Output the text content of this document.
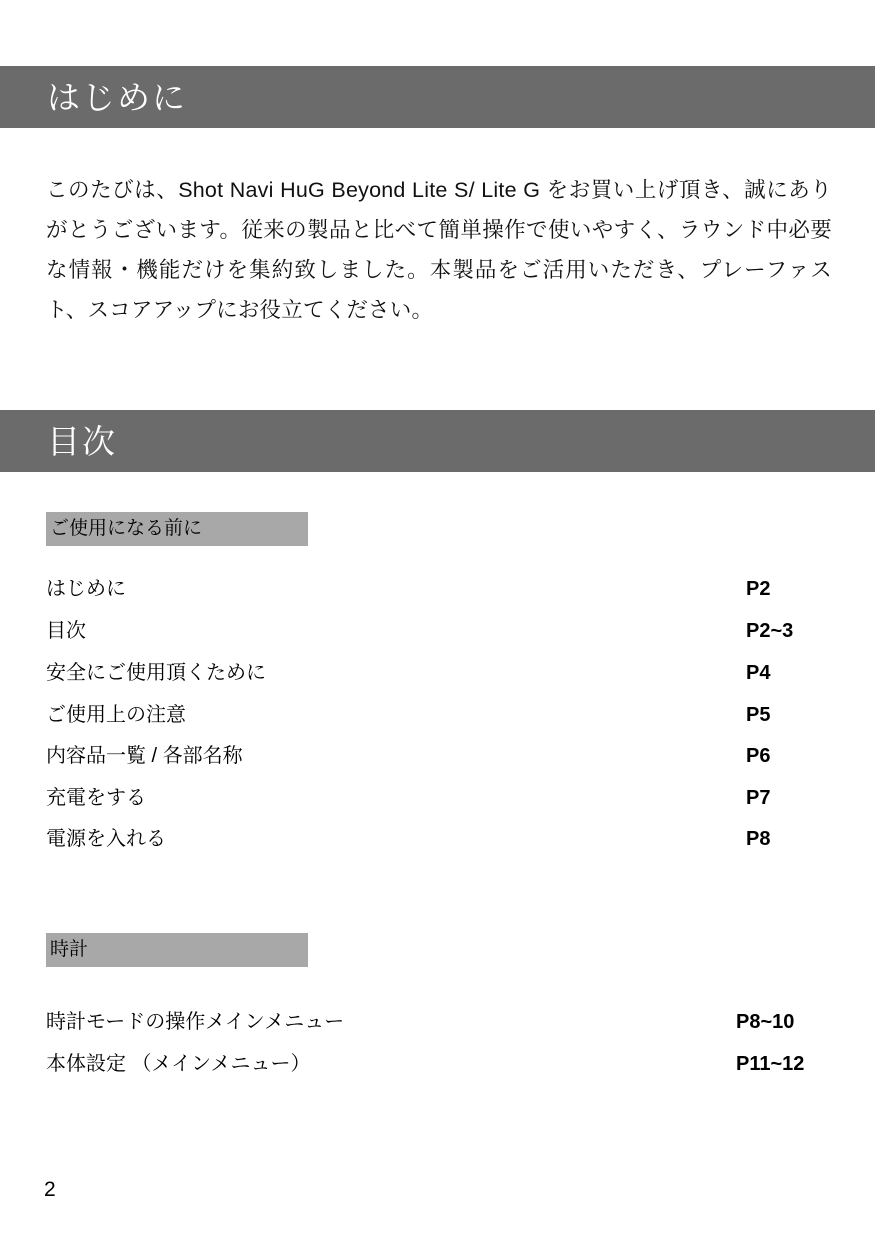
はじめに

このたびは、Shot Navi HuG Beyond Lite S/ Lite G をお買い上げ頂き、誠にありがとうございます。従来の製品と比べて簡単操作で使いやすく、ラウンド中必要な情報・機能だけを集約致しました。本製品をご活用いただき、プレーファスト、スコアアップにお役立てください。

目次
ご使用になる前に
はじめに	P2
目次	P2~3
安全にご使用頂くために	P4
ご使用上の注意	P5
内容品一覧 / 各部名称	P6
充電をする	P7
電源を入れる	P8
時計
時計モードの操作メインメニュー	P8~10
本体設定 （メインメニュー）	P11~12
2
